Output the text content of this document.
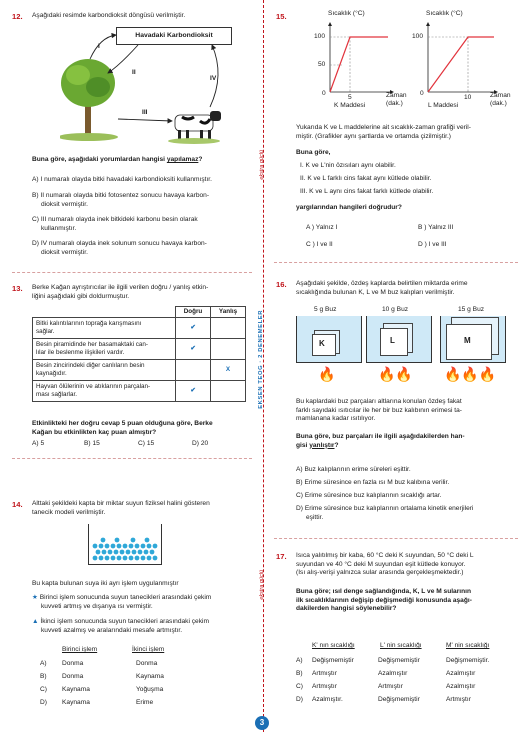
ekstra güçlü
EKSEN TEOG · 2 DENEMELER
ekstra güçlü
12. Aşağıdaki resimde karbondioksit döngüsü verilmiştir.
Havadaki Karbondioksit
I
II
III
IV
Buna göre, aşağıdaki yorumlardan hangisi yapılamaz?
A) I numaralı olayda bitki havadaki karbondioksiti kullanmıştır.
B) II numaralı olayda bitki fotosentez sonucu havaya karbon-
dioksit vermiştir.
C) III numaralı olayda inek bitkideki karbonu besin olarak
kullanmıştır.
D) IV numaralı olayda inek solunum sonucu havaya karbon-
dioksit vermiştir.
13. Berke Kağan ayrıştırıcılar ile ilgili verilen doğru / yanlış etkin-
liğini aşağıdaki gibi doldurmuştur.
	Doğru	Yanlış
Bitki kalıntılarının toprağa karışmasını
sağlar.	✔	
Besin piramidinde her basamaktaki can-
lılar ile beslenme ilişkileri vardır.	✔	
Besin zincirindeki diğer canlıların besin
kaynağıdır.		X
Hayvan ölülerinin ve atıklarının parçalan-
ması sağlarlar.	✔	
Etkinlikteki her doğru cevap 5 puan olduğuna göre, Berke
Kağan bu etkinlikten kaç puan almıştır?
A) 5	B) 15	C) 15	D) 20
14. Alttaki şekildeki kapta bir miktar suyun fiziksel halini gösteren
tanecik modeli verilmiştir.
Bu kapta bulunan suya iki ayrı işlem uygulanmıştır
★ Birinci işlem sonucunda suyun tanecikleri arasındaki çekim
kuvveti artmış ve dışarıya ısı vermiştir.
▲ İkinci işlem sonucunda suyun tanecikleri arasındaki çekim
kuvveti azalmış ve aralarındaki mesafe artmıştır.
Birinci işlem	İkinci işlem
A) Donma	Donma
B) Donma	Kaynama
C) Kaynama	Yoğuşma
D) Kaynama	Erime
15.	Sıcaklık (°C)
100
50
0
5	Zaman
(dak.)
K Maddesi
Sıcaklık (°C)
100
0
10	Zaman
(dak.)
L Maddesi
Yukarıda K ve L maddelerine ait sıcaklık-zaman grafiği veril-
miştir. (Grafikler aynı şartlarda ve ortamda çizilmiştir.)
Buna göre,
I. K ve L'nin özısıları aynı olabilir.
II. K ve L farklı cins fakat aynı kütlede olabilir.
III. K ve L aynı cins fakat farklı kütlede olabilir.
yargılarından hangileri doğrudur?
A ) Yalnız I	B ) Yalnız III
C ) I ve II	D ) I ve III
16. Aşağıdaki şekilde, özdeş kaplarda belirtilen miktarda erime
sıcaklığında bulunan K, L ve M buz kalıpları verilmiştir.
5 g Buz
K
🔥
10 g Buz
L
🔥🔥
15 g Buz
M
🔥🔥🔥
Bu kaplardaki buz parçaları altlarına konulan özdeş fakat
farklı sayıdaki ısıtıcılar ile her bir buz kalıbının erimesi ta-
mamlanana kadar ısıtılıyor.
Buna göre, buz parçaları ile ilgili aşağıdakilerden han-
gisi yanlıştır?
A) Buz kalıplarının erime süreleri eşittir.
B) Erime süresince en fazla ısı M buz kalıbına verilir.
C) Erime süresince buz kalıplarının sıcaklığı artar.
D) Erime süresince buz kalıplarının ortalama kinetik enerjileri
eşittir.
17. Isıca yalıtılmış bir kaba, 60 °C deki K suyundan, 50 °C deki L
suyundan ve 40 °C deki M suyundan eşit kütlede konuyor.
(Isı alış-verişi yalnızca sular arasında gerçekleşmektedir.)
Buna göre; ısıl denge sağlandığında, K, L ve M sularının
ilk sıcaklıklarının değişip değişmediği konusunda aşağı-
dakilerden hangisi söylenebilir?
K' nın sıcaklığı	L' nin sıcaklığı	M' nin sıcaklığı
A) Değişmemiştir	Değişmemiştir	Değişmemiştir.
B) Artmıştır	Azalmıştır	Azalmıştır
C) Artmıştır	Artmıştır	Azalmıştır
D) Azalmıştır.	Değişmemiştir	Artmıştır
3
